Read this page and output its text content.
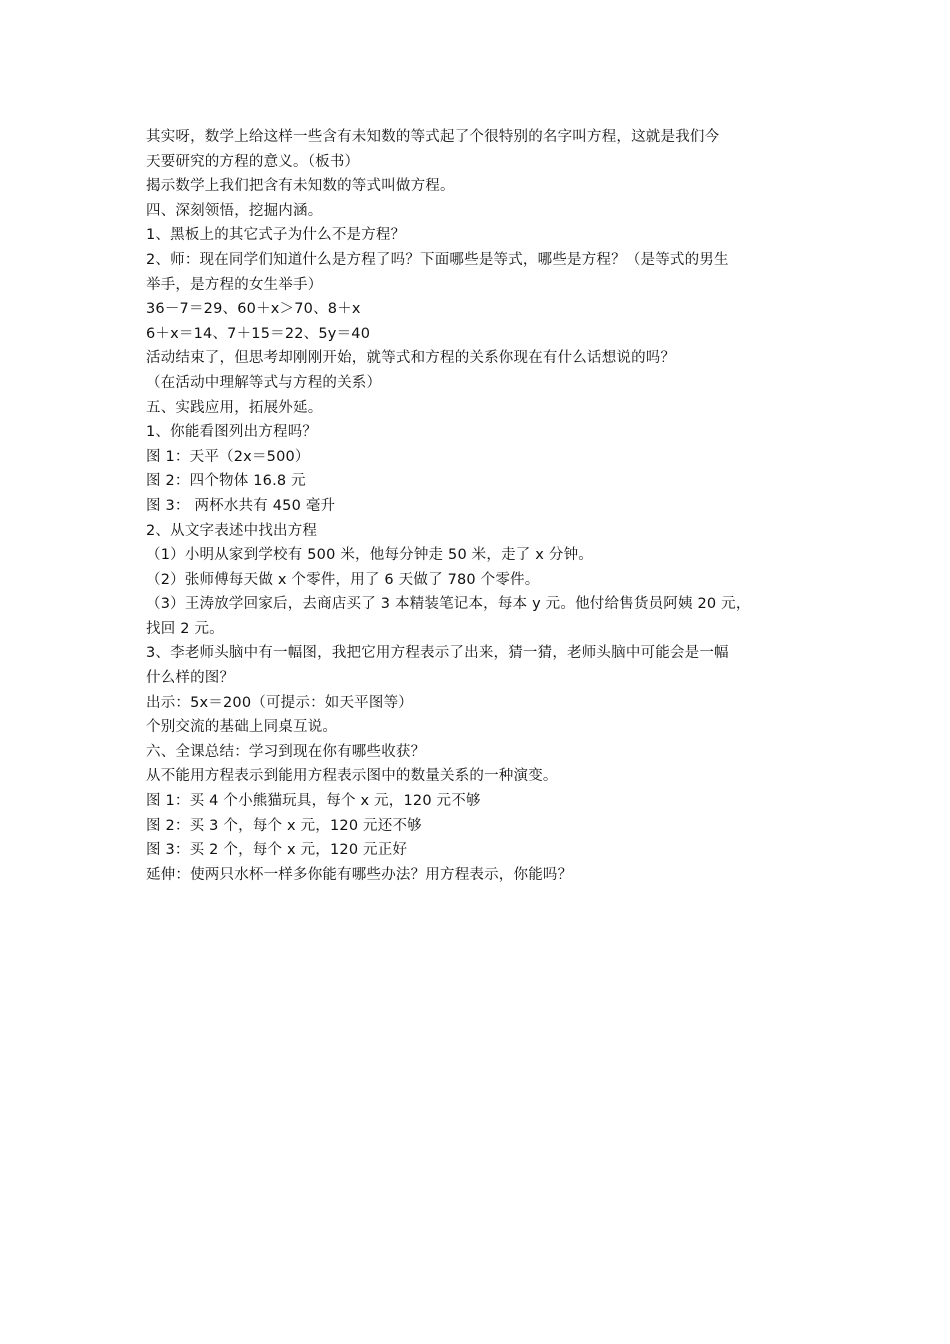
其实呀，数学上给这样一些含有未知数的等式起了个很特别的名字叫方程，这就是我们今
天要研究的方程的意义。（板书）
揭示数学上我们把含有未知数的等式叫做方程。
四、深刻领悟，挖掘内涵。
1、黑板上的其它式子为什么不是方程？
2、师：现在同学们知道什么是方程了吗？下面哪些是等式，哪些是方程？（是等式的男生
举手，是方程的女生举手）
36－7＝29、60＋x＞70、8＋x
6＋x＝14、7＋15＝22、5y＝40
活动结束了，但思考却刚刚开始，就等式和方程的关系你现在有什么话想说的吗？
（在活动中理解等式与方程的关系）
五、实践应用，拓展外延。
1、你能看图列出方程吗？
图 1：天平（2x＝500）
图 2：四个物体 16.8 元
图 3： 两杯水共有 450 毫升
2、从文字表述中找出方程
（1）小明从家到学校有 500 米，他每分钟走 50 米，走了 x 分钟。
（2）张师傅每天做 x 个零件，用了 6 天做了 780 个零件。
（3）王涛放学回家后，去商店买了 3 本精装笔记本，每本 y 元。他付给售货员阿姨 20 元，
找回 2 元。
3、李老师头脑中有一幅图，我把它用方程表示了出来，猜一猜，老师头脑中可能会是一幅
什么样的图？
出示：5x＝200（可提示：如天平图等）
个别交流的基础上同桌互说。
六、全课总结：学习到现在你有哪些收获？
从不能用方程表示到能用方程表示图中的数量关系的一种演变。
图 1：买 4 个小熊猫玩具，每个 x 元，120 元不够
图 2：买 3 个，每个 x 元，120 元还不够
图 3：买 2 个，每个 x 元，120 元正好
延伸：使两只水杯一样多你能有哪些办法？用方程表示，你能吗？
